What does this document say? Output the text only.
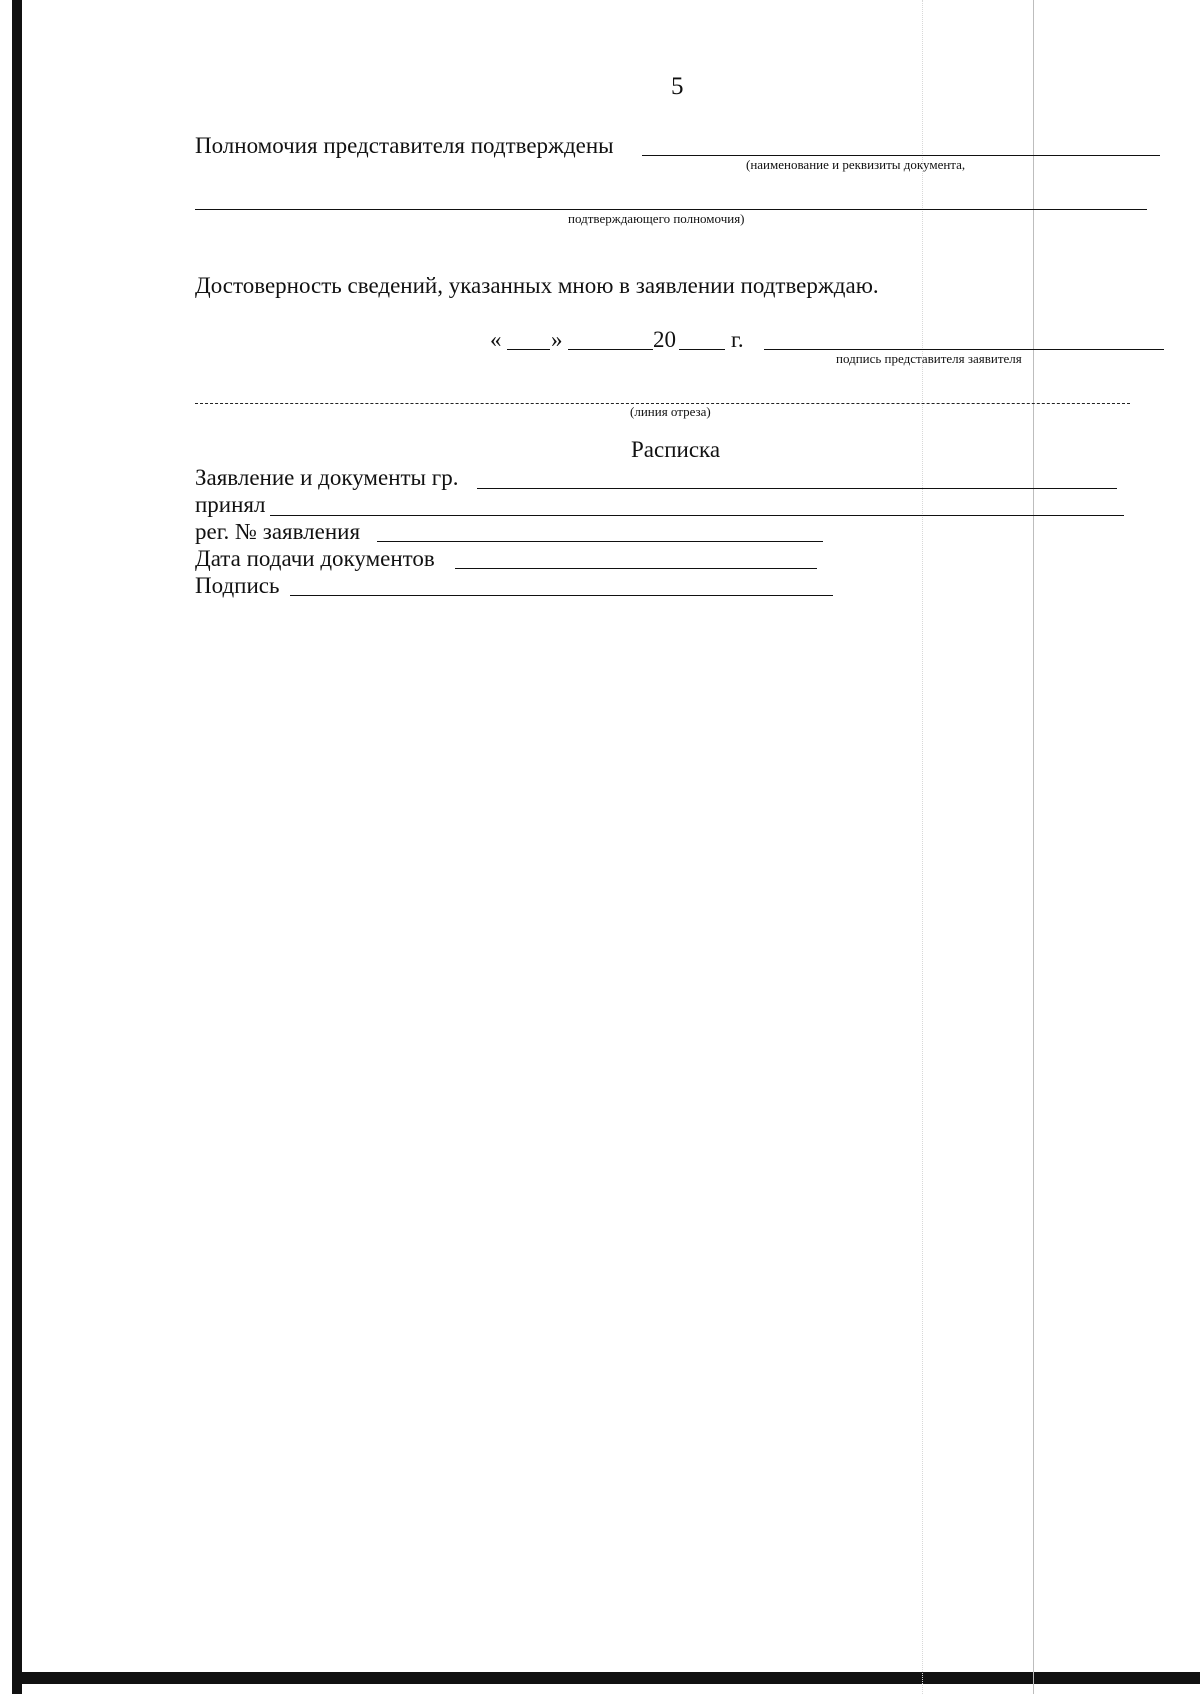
5
Полномочия представителя подтверждены
(наименование и реквизиты документа,
подтверждающего полномочия)
Достоверность сведений, указанных мною в заявлении подтверждаю.
« »	20 г.
подпись представителя заявителя
(линия отреза)
Расписка
Заявление и документы гр.
принял
рег. № заявления
Дата подачи документов
Подпись
